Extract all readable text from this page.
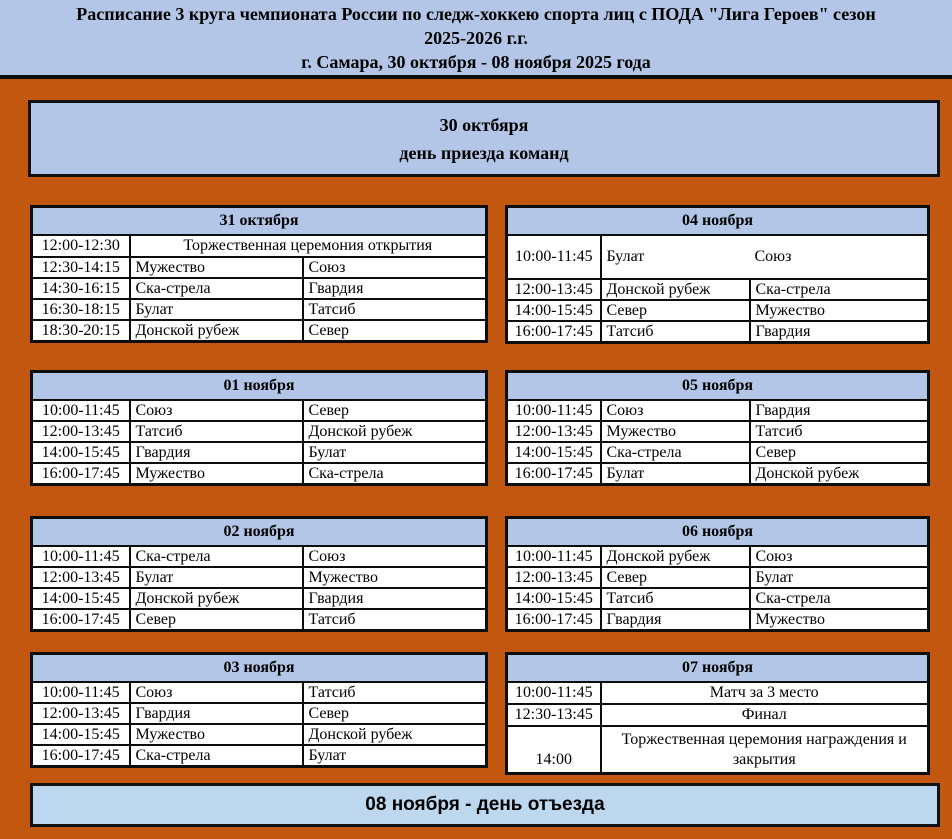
Расписание 3 круга чемпионата России по следж-хоккею спорта лиц с ПОДА "Лига Героев" сезон
2025-2026 г.г.
г. Самара, 30 октября - 08 ноября 2025 года
30 октбяря
день приезда команд
31 октября		
12:00-12:30	Торжественная церемония открытия	
12:30-14:15	Мужество	Союз
14:30-16:15	Ска-стрела	Гвардия
16:30-18:15	Булат	Татсиб
18:30-20:15	Донской рубеж	Север
04 ноября		
10:00-11:45	Булат	Союз
12:00-13:45	Донской рубеж	Ска-стрела
14:00-15:45	Север	Мужество
16:00-17:45	Татсиб	Гвардия
01 ноября		
10:00-11:45	Союз	Север
12:00-13:45	Татсиб	Донской рубеж
14:00-15:45	Гвардия	Булат
16:00-17:45	Мужество	Ска-стрела
05 ноября		
10:00-11:45	Союз	Гвардия
12:00-13:45	Мужество	Татсиб
14:00-15:45	Ска-стрела	Север
16:00-17:45	Булат	Донской рубеж
02 ноября		
10:00-11:45	Ска-стрела	Союз
12:00-13:45	Булат	Мужество
14:00-15:45	Донской рубеж	Гвардия
16:00-17:45	Север	Татсиб
06 ноября		
10:00-11:45	Донской рубеж	Союз
12:00-13:45	Север	Булат
14:00-15:45	Татсиб	Ска-стрела
16:00-17:45	Гвардия	Мужество
03 ноября		
10:00-11:45	Союз	Татсиб
12:00-13:45	Гвардия	Север
14:00-15:45	Мужество	Донской рубеж
16:00-17:45	Ска-стрела	Булат
07 ноября	
10:00-11:45	Матч за 3 место
12:30-13:45	Финал
14:00	Торжественная церемония награждения и закрытия
08 ноября - день отъезда
